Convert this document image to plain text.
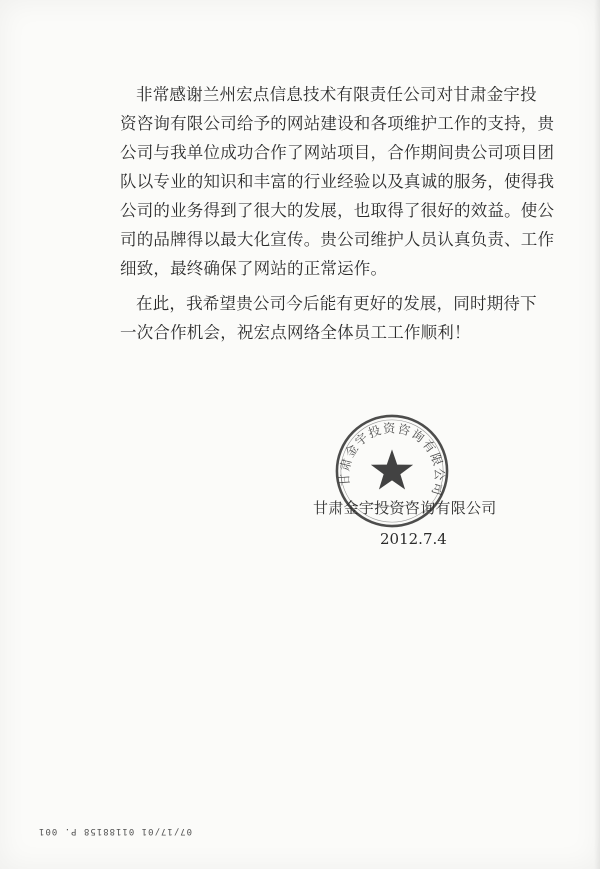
非常感谢兰州宏点信息技术有限责任公司对甘肃金宇投
资咨询有限公司给予的网站建设和各项维护工作的支持，贵
公司与我单位成功合作了网站项目，合作期间贵公司项目团
队以专业的知识和丰富的行业经验以及真诚的服务，使得我
公司的业务得到了很大的发展，也取得了很好的效益。使公
司的品牌得以最大化宣传。贵公司维护人员认真负责、工作
细致，最终确保了网站的正常运作。
在此，我希望贵公司今后能有更好的发展，同时期待下
一次合作机会，祝宏点网络全体员工工作顺利！
甘肃金宇投资咨询有限公司
甘肃金宇投资咨询有限公司
2012.7.4
07/17/01 01188158 P. 001
